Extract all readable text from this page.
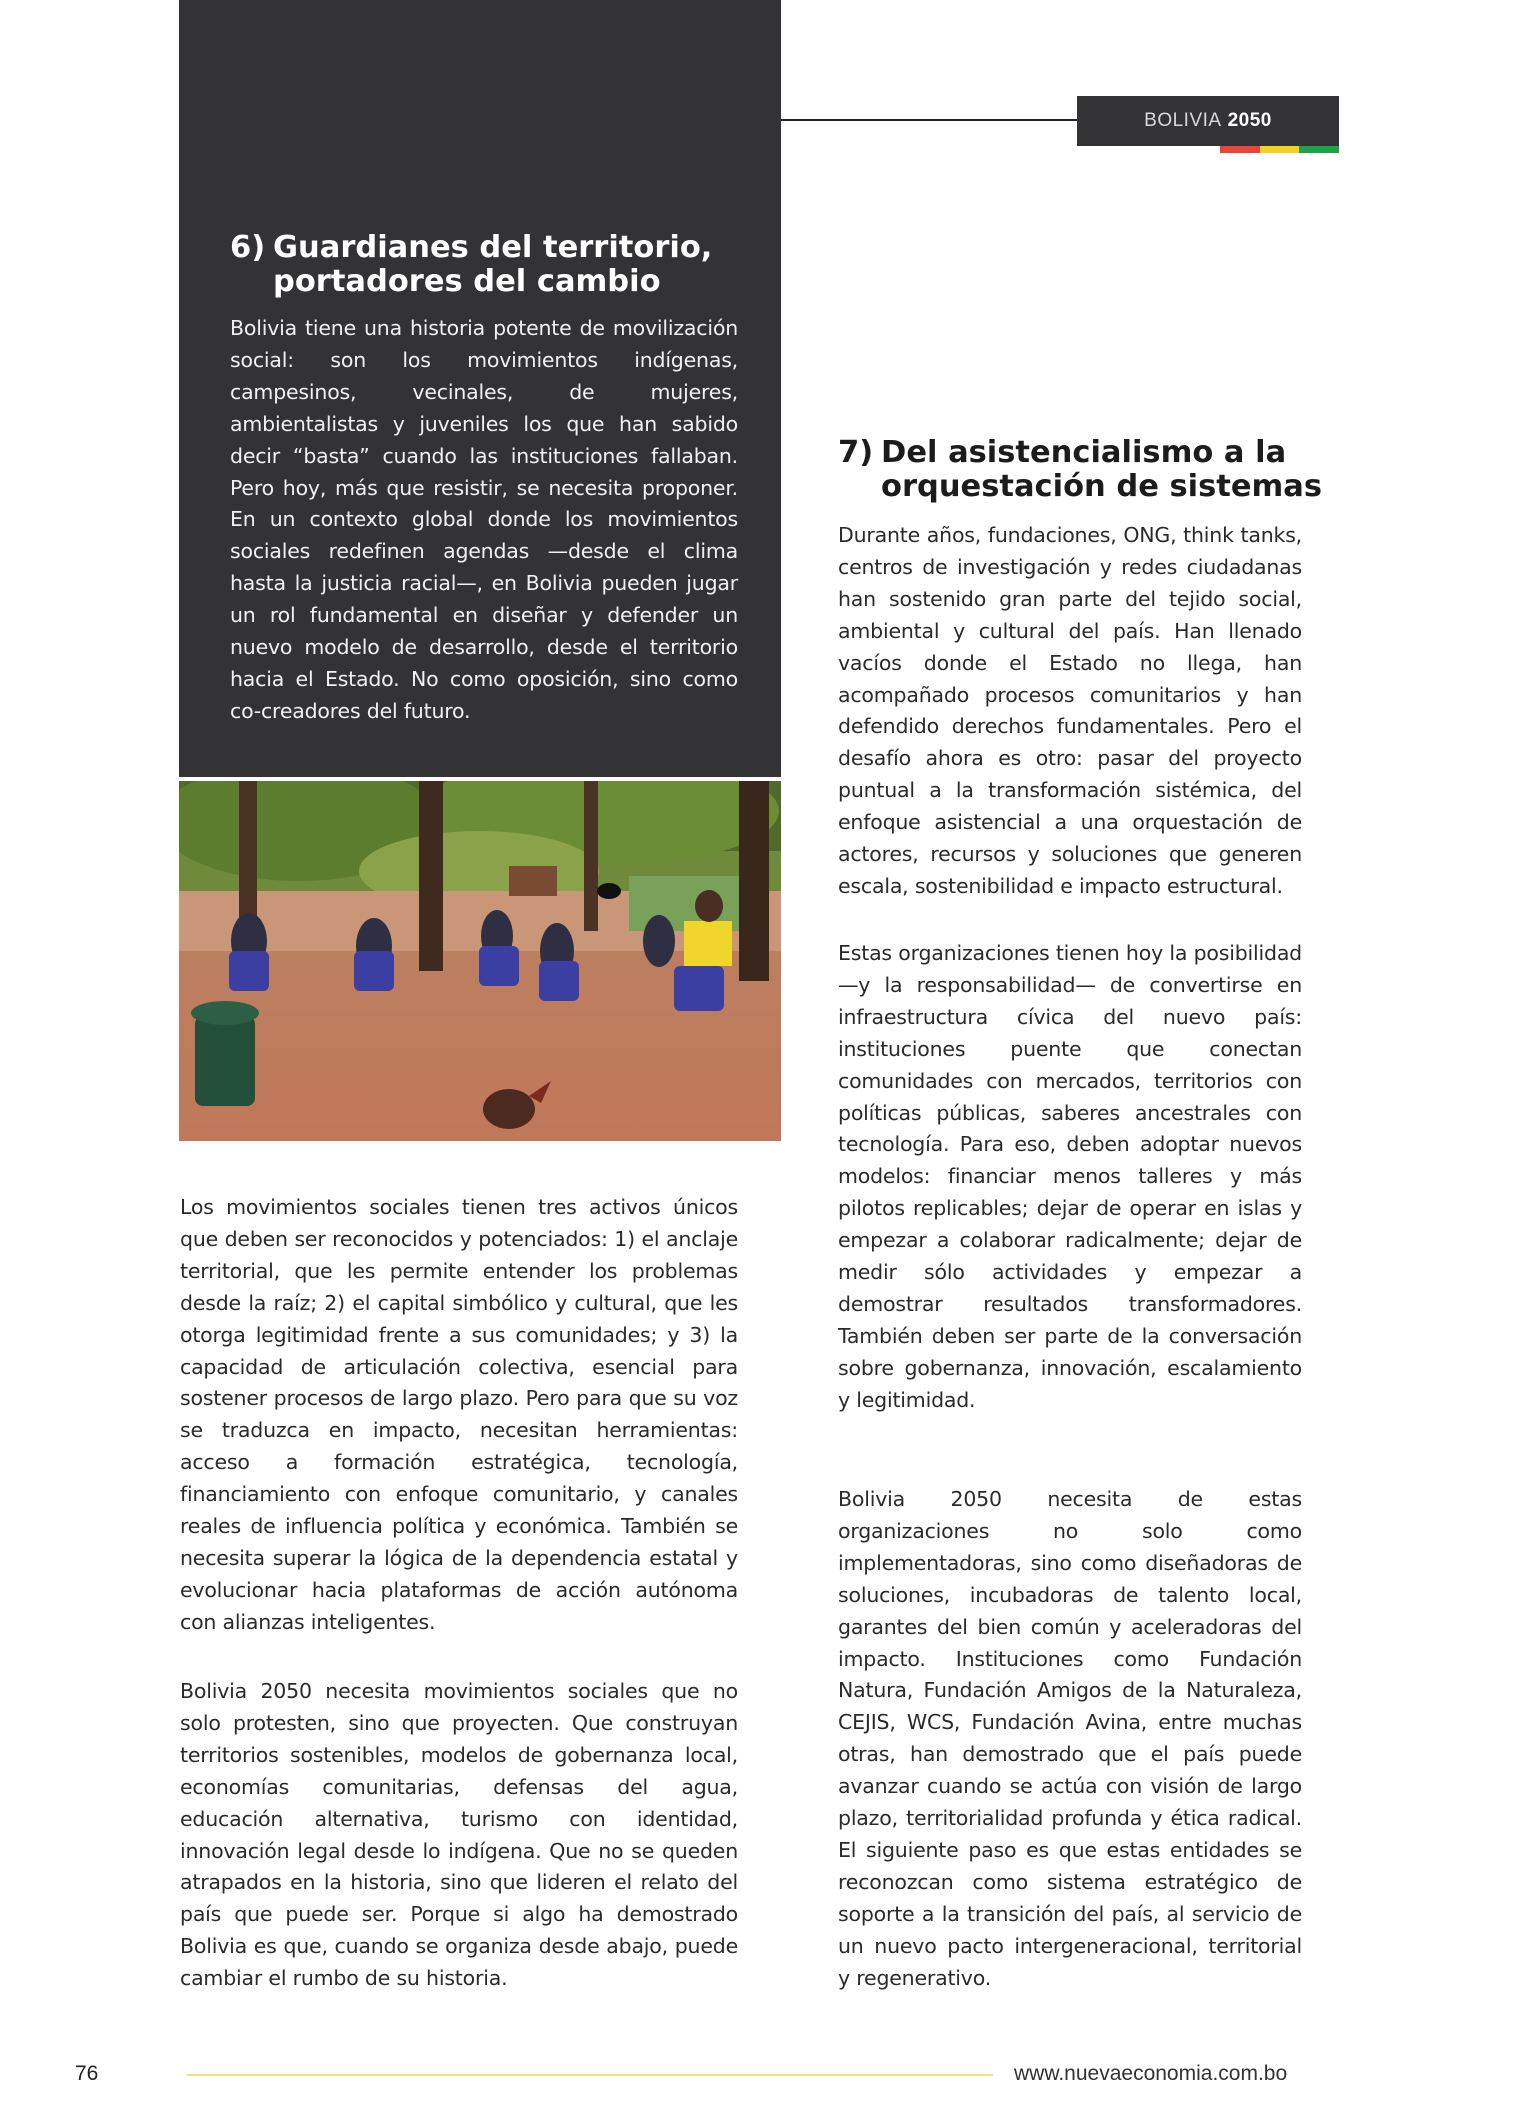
BOLIVIA 2050
6) Guardianes del territorio,
portadores del cambio

Bolivia tiene una historia potente de movilización social: son los movimientos indígenas, campesinos, vecinales, de mujeres, ambientalistas y juveniles los que han sabido decir “basta” cuando las instituciones fallaban. Pero hoy, más que resistir, se necesita proponer. En un contexto global donde los movimientos sociales redefinen agendas —desde el clima hasta la justicia racial—, en Bolivia pueden jugar un rol fundamental en diseñar y defender un nuevo modelo de desarrollo, desde el territorio hacia el Estado. No como oposición, sino como co-creadores del futuro.

Los movimientos sociales tienen tres activos únicos que deben ser reconocidos y potenciados: 1) el anclaje territorial, que les permite entender los problemas desde la raíz; 2) el capital simbólico y cultural, que les otorga legitimidad frente a sus comunidades; y 3) la capacidad de articulación colectiva, esencial para sostener procesos de largo plazo. Pero para que su voz se traduzca en impacto, necesitan herramientas: acceso a formación estratégica, tecnología, financiamiento con enfoque comunitario, y canales reales de influencia política y económica. También se necesita superar la lógica de la dependencia estatal y evolucionar hacia plataformas de acción autónoma con alianzas inteligentes.

Bolivia 2050 necesita movimientos sociales que no solo protesten, sino que proyecten. Que construyan territorios sostenibles, modelos de gobernanza local, economías comunitarias, defensas del agua, educación alternativa, turismo con identidad, innovación legal desde lo indígena. Que no se queden atrapados en la historia, sino que lideren el relato del país que puede ser. Porque si algo ha demostrado Bolivia es que, cuando se organiza desde abajo, puede cambiar el rumbo de su historia.

7) Del asistencialismo a la
orquestación de sistemas

Durante años, fundaciones, ONG, think tanks, centros de investigación y redes ciudadanas han sostenido gran parte del tejido social, ambiental y cultural del país. Han llenado vacíos donde el Estado no llega, han acompañado procesos comunitarios y han defendido derechos fundamentales. Pero el desafío ahora es otro: pasar del proyecto puntual a la transformación sistémica, del enfoque asistencial a una orquestación de actores, recursos y soluciones que generen escala, sostenibilidad e impacto estructural.

Estas organizaciones tienen hoy la posibilidad —y la responsabilidad— de convertirse en infraestructura cívica del nuevo país: instituciones puente que conectan comunidades con mercados, territorios con políticas públicas, saberes ancestrales con tecnología. Para eso, deben adoptar nuevos modelos: financiar menos talleres y más pilotos replicables; dejar de operar en islas y empezar a colaborar radicalmente; dejar de medir sólo actividades y empezar a demostrar resultados transformadores. También deben ser parte de la conversación sobre gobernanza, innovación, escalamiento y legitimidad.

Bolivia 2050 necesita de estas organizaciones no solo como implementadoras, sino como diseñadoras de soluciones, incubadoras de talento local, garantes del bien común y aceleradoras del impacto. Instituciones como Fundación Natura, Fundación Amigos de la Naturaleza, CEJIS, WCS, Fundación Avina, entre muchas otras, han demostrado que el país puede avanzar cuando se actúa con visión de largo plazo, territorialidad profunda y ética radical. El siguiente paso es que estas entidades se reconozcan como sistema estratégico de soporte a la transición del país, al servicio de un nuevo pacto intergeneracional, territorial y regenerativo.

76	www.nuevaeconomia.com.bo
